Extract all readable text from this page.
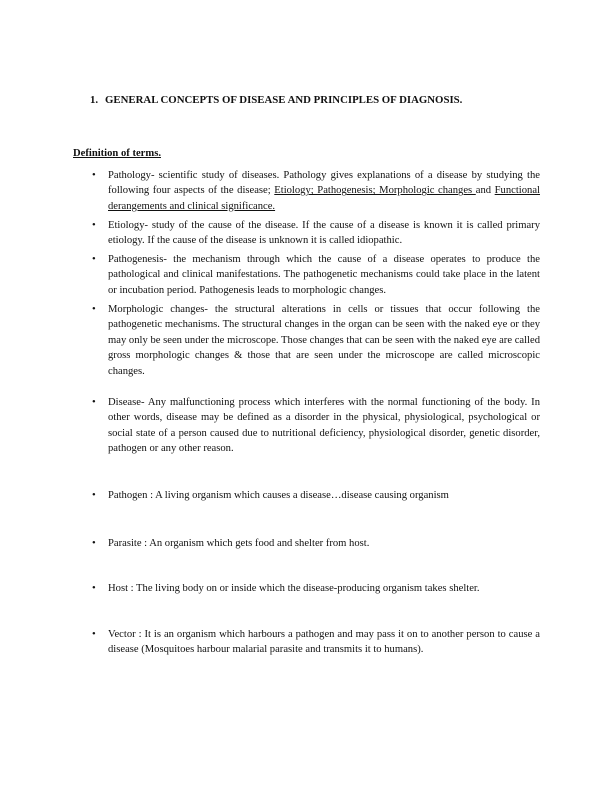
1. GENERAL CONCEPTS OF DISEASE AND PRINCIPLES OF DIAGNOSIS.
Definition of terms.
• Pathology- scientific study of diseases. Pathology gives explanations of a disease by studying the following four aspects of the disease; Etiology; Pathogenesis; Morphologic changes and Functional derangements and clinical significance.
• Etiology- study of the cause of the disease. If the cause of a disease is known it is called primary etiology. If the cause of the disease is unknown it is called idiopathic.
• Pathogenesis- the mechanism through which the cause of a disease operates to produce the pathological and clinical manifestations. The pathogenetic mechanisms could take place in the latent or incubation period. Pathogenesis leads to morphologic changes.
• Morphologic changes- the structural alterations in cells or tissues that occur following the pathogenetic mechanisms. The structural changes in the organ can be seen with the naked eye or they may only be seen under the microscope. Those changes that can be seen with the naked eye are called gross morphologic changes & those that are seen under the microscope are called microscopic changes.
• Disease- Any malfunctioning process which interferes with the normal functioning of the body. In other words, disease may be defined as a disorder in the physical, physiological, psychological or social state of a person caused due to nutritional deficiency, physiological disorder, genetic disorder, pathogen or any other reason.
• Pathogen : A living organism which causes a disease…disease causing organism
• Parasite : An organism which gets food and shelter from host.
• Host : The living body on or inside which the disease-producing organism takes shelter.
• Vector : It is an organism which harbours a pathogen and may pass it on to another person to cause a disease (Mosquitoes harbour malarial parasite and transmits it to humans).
